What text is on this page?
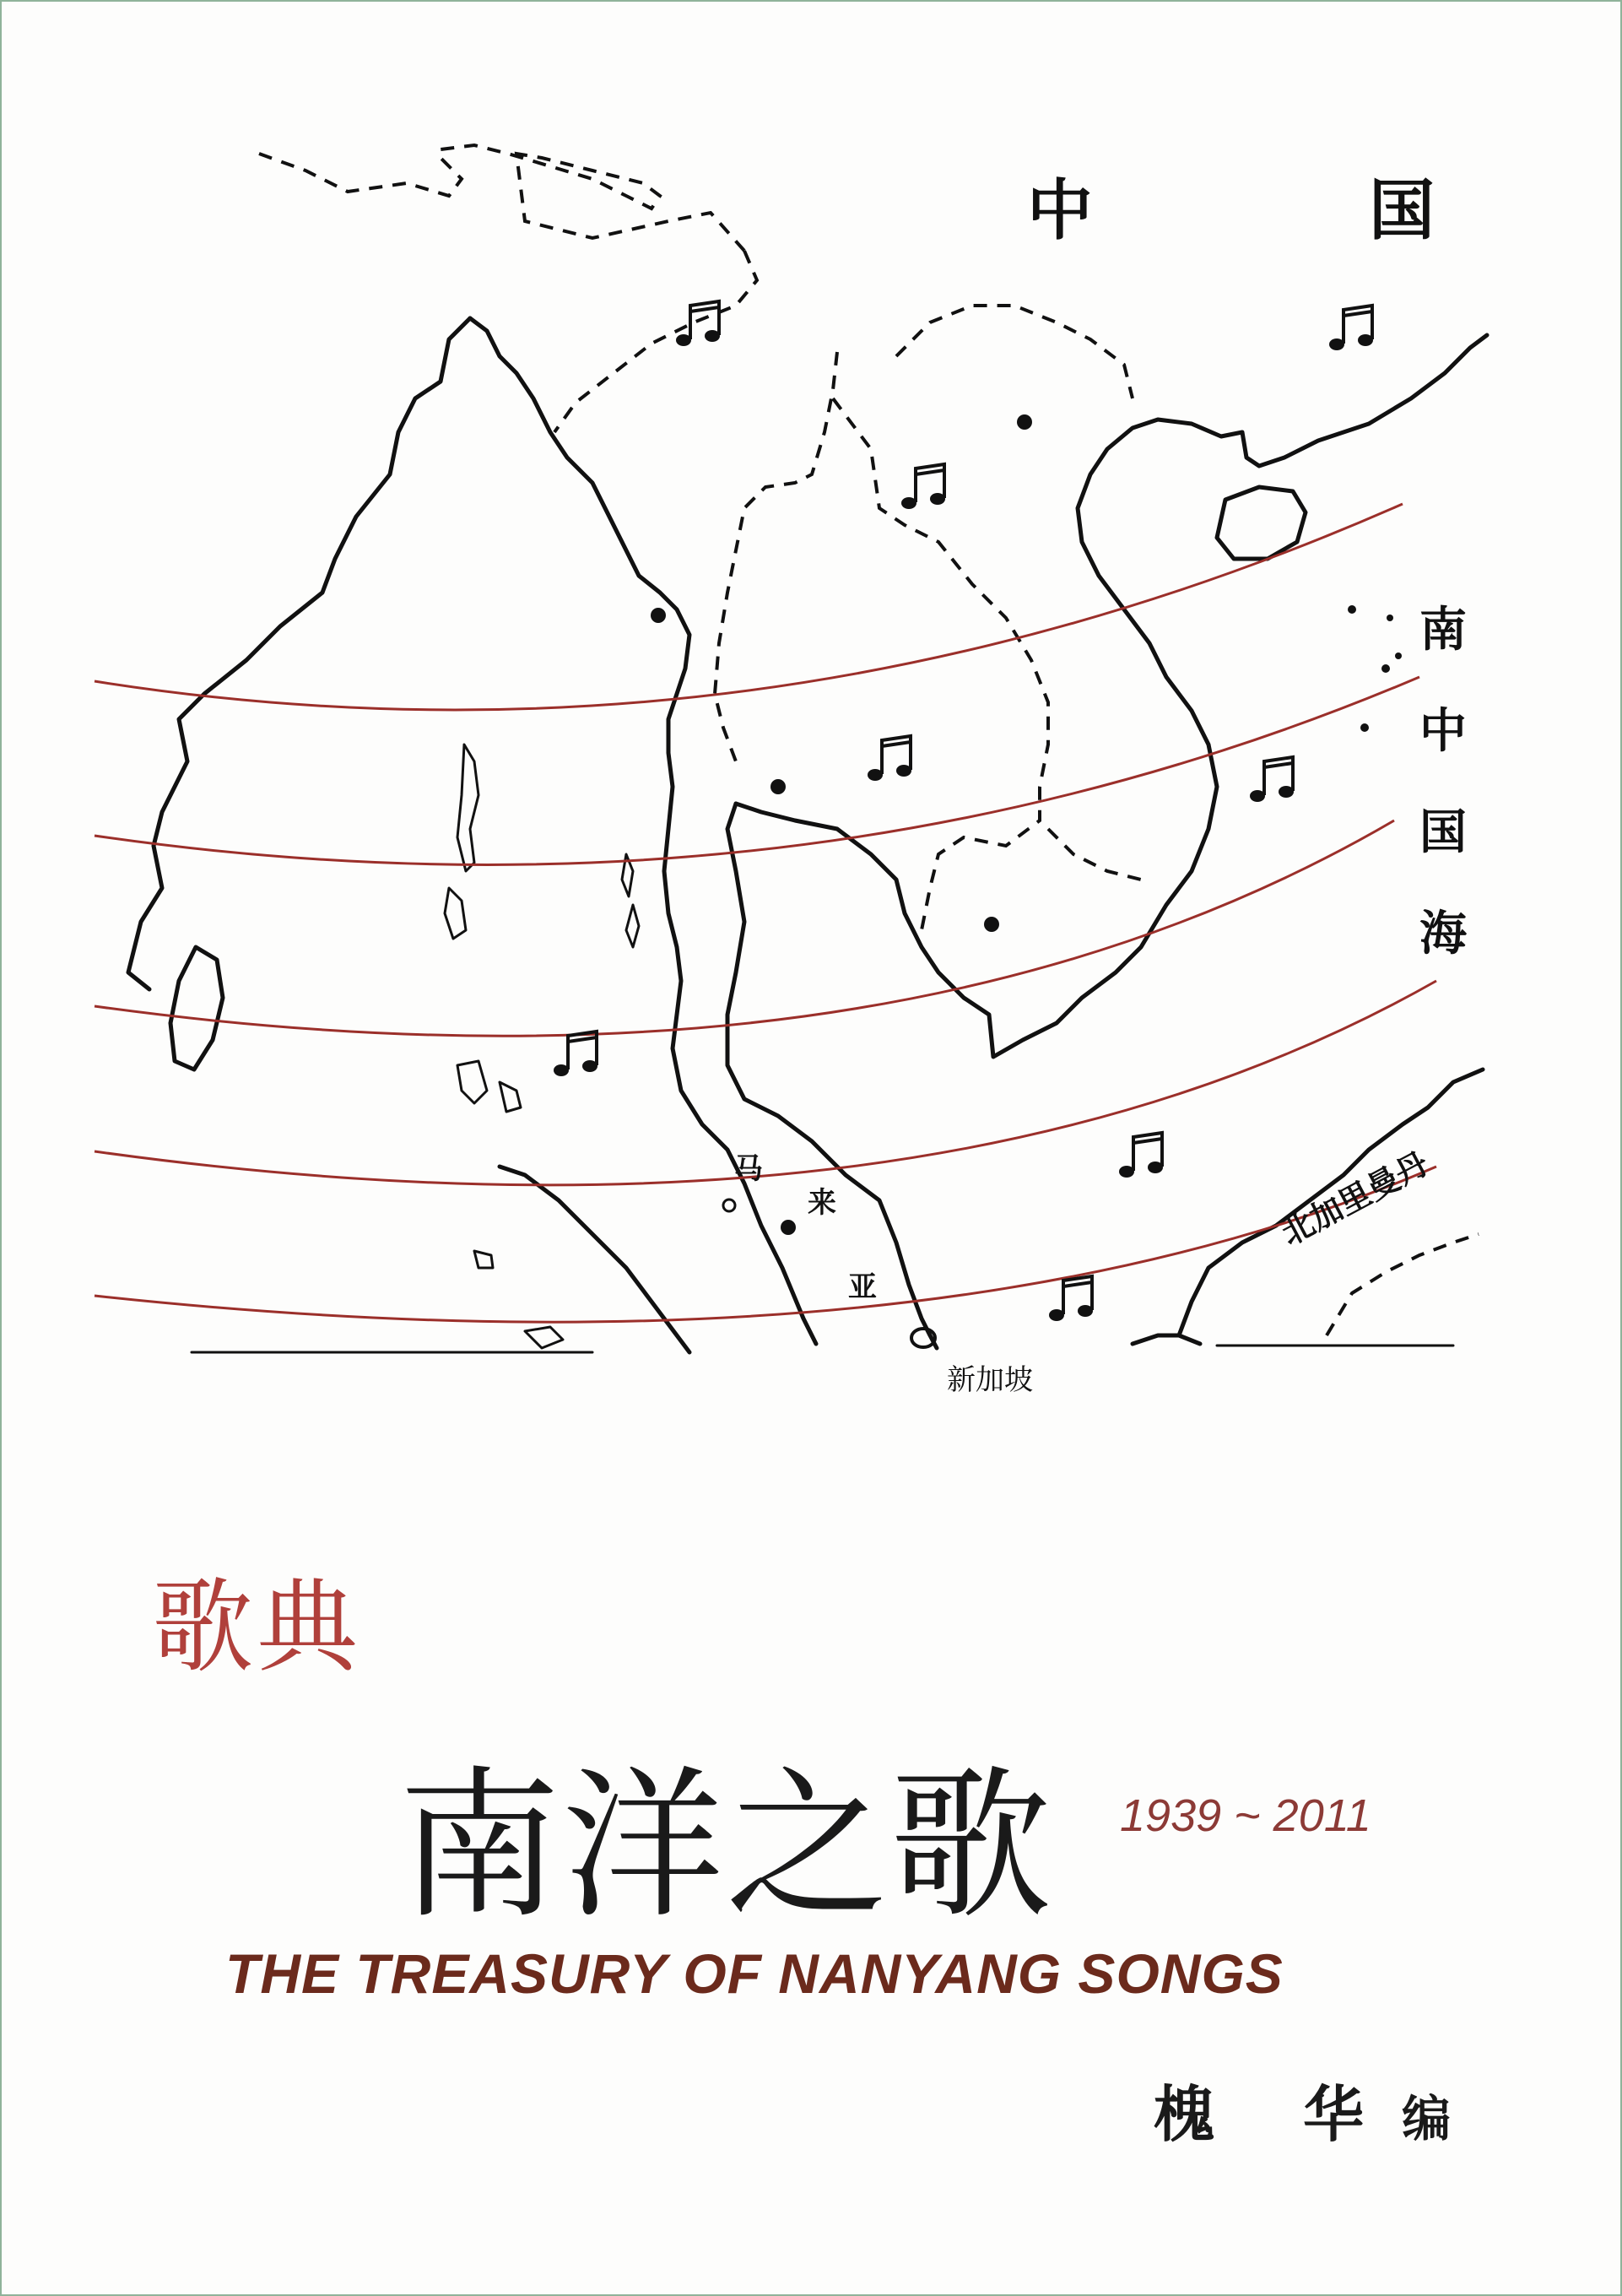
中 国
南
中
国
海
马
来
亚
新加坡
北加里曼丹
歌典
南洋之歌 1939 ~ 2011
THE TREASURY OF NANYANG SONGS
槐 华 编
